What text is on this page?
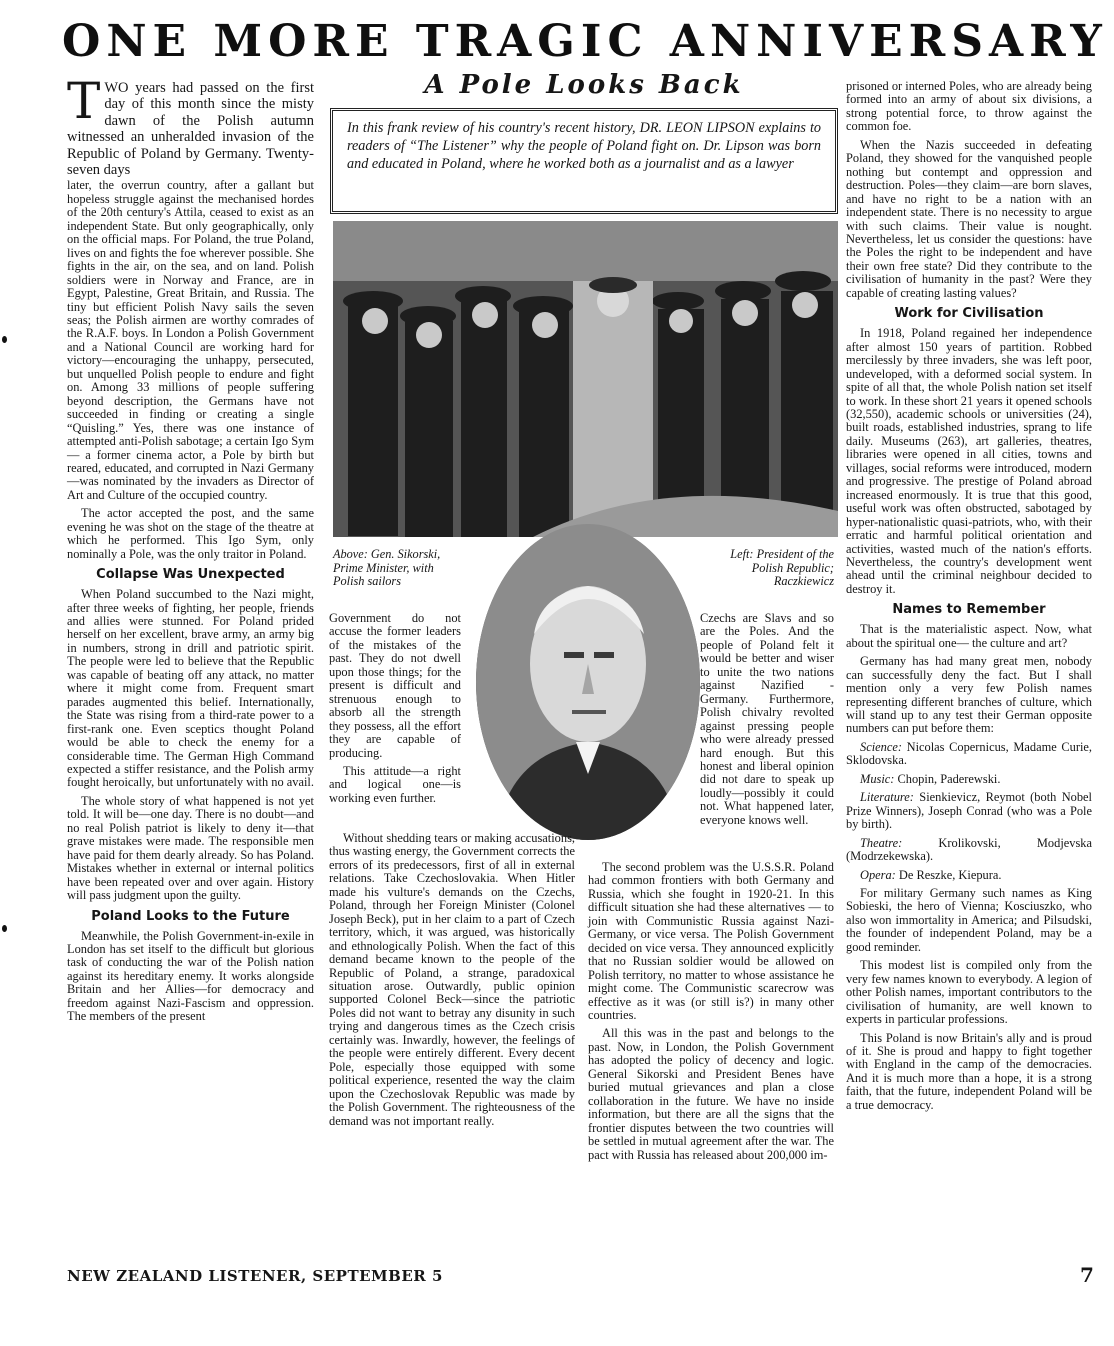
ONE MORE TRAGIC ANNIVERSARY
A Pole Looks Back
In this frank review of his country's recent history, DR. LEON LIPSON explains to readers of “The Listener” why the people of Poland fight on. Dr. Lipson was born and educated in Poland, where he worked both as a journalist and as a lawyer

TWO years had passed on the first day of this month since the misty dawn of the Polish autumn witnessed an unheralded invasion of the Republic of Poland by Germany. Twenty-seven days

later, the overrun country, after a gallant but hopeless struggle against the mechanised hordes of the 20th century's Attila, ceased to exist as an independent State. But only geographically, only on the official maps. For Poland, the true Poland, lives on and fights the foe wherever possible. She fights in the air, on the sea, and on land. Polish soldiers were in Norway and France, are in Egypt, Palestine, Great Britain, and Russia. The tiny but efficient Polish Navy sails the seven seas; the Polish airmen are worthy comrades of the R.A.F. boys. In London a Polish Government and a National Council are working hard for victory—encouraging the unhappy, persecuted, but unquelled Polish people to endure and fight on. Among 33 millions of people suffering beyond description, the Germans have not succeeded in finding or creating a single “Quisling.” Yes, there was one instance of attempted anti-Polish sabotage; a certain Igo Sym — a former cinema actor, a Pole by birth but reared, educated, and corrupted in Nazi Germany—was nominated by the invaders as Director of Art and Culture of the occupied country.

The actor accepted the post, and the same evening he was shot on the stage of the theatre at which he performed. This Igo Sym, only nominally a Pole, was the only traitor in Poland.

Collapse Was Unexpected

When Poland succumbed to the Nazi might, after three weeks of fighting, her people, friends and allies were stunned. For Poland prided herself on her excellent, brave army, an army big in numbers, strong in drill and patriotic spirit. The people were led to believe that the Republic was capable of beating off any attack, no matter where it might come from. Frequent smart parades augmented this belief. Internationally, the State was rising from a third-rate power to a first-rank one. Even sceptics thought Poland would be able to check the enemy for a considerable time. The German High Command expected a stiffer resistance, and the Polish army fought heroically, but unfortunately with no avail.

The whole story of what happened is not yet told. It will be—one day. There is no doubt—and no real Polish patriot is likely to deny it—that grave mistakes were made. The responsible men have paid for them dearly already. So has Poland. Mistakes whether in external or internal politics have been repeated over and over again. History will pass judgment upon the guilty.

Poland Looks to the Future

Meanwhile, the Polish Government-in-exile in London has set itself to the difficult but glorious task of conducting the war of the Polish nation against its hereditary enemy. It works alongside Britain and her Allies—for democracy and freedom against Nazi-Fascism and oppression. The members of the present

Above: Gen. Sikorski, Prime Minister, with Polish sailors
Left: President of the Polish Republic; Raczkiewicz

Government do not accuse the former leaders of the mistakes of the past. They do not dwell upon those things; for the present is difficult and strenuous enough to absorb all the strength they possess, all the effort they are capable of producing.

This attitude—a right and logical one—is working even further.

Without shedding tears or making accusations, thus wasting energy, the Government corrects the errors of its predecessors, first of all in external relations. Take Czechoslovakia. When Hitler made his vulture's demands on the Czechs, Poland, through her Foreign Minister (Colonel Joseph Beck), put in her claim to a part of Czech territory, which, it was argued, was historically and ethnologically Polish. When the fact of this demand became known to the people of the Republic of Poland, a strange, paradoxical situation arose. Outwardly, public opinion supported Colonel Beck—since the patriotic Poles did not want to betray any disunity in such trying and dangerous times as the Czech crisis certainly was. Inwardly, however, the feelings of the people were entirely different. Every decent Pole, especially those equipped with some political experience, resented the way the claim upon the Czechoslovak Republic was made by the Polish Government. The righteousness of the demand was not important really.

Czechs are Slavs and so are the Poles. And the people of Poland felt it would be better and wiser to unite the two nations against Nazified - Germany. Furthermore, Polish chivalry revolted against pressing people who were already pressed hard enough. But this honest and liberal opinion did not dare to speak up loudly—possibly it could not. What happened later, everyone knows well.

The second problem was the U.S.S.R. Poland had common frontiers with both Germany and Russia, which she fought in 1920-21. In this difficult situation she had these alternatives — to join with Communistic Russia against Nazi-Germany, or vice versa. The Polish Government decided on vice versa. They announced explicitly that no Russian soldier would be allowed on Polish territory, no matter to whose assistance he might come. The Communistic scarecrow was effective as it was (or still is?) in many other countries.

All this was in the past and belongs to the past. Now, in London, the Polish Government has adopted the policy of decency and logic. General Sikorski and President Benes have buried mutual grievances and plan a close collaboration in the future. We have no inside information, but there are all the signs that the frontier disputes between the two countries will be settled in mutual agreement after the war. The pact with Russia has released about 200,000 im-

prisoned or interned Poles, who are already being formed into an army of about six divisions, a strong potential force, to throw against the common foe.

When the Nazis succeeded in defeating Poland, they showed for the vanquished people nothing but contempt and oppression and destruction. Poles—they claim—are born slaves, and have no right to be a nation with an independent state. There is no necessity to argue with such claims. Their value is nought. Nevertheless, let us consider the questions: have the Poles the right to be independent and have their own free state? Did they contribute to the civilisation of humanity in the past? Were they capable of creating lasting values?

Work for Civilisation

In 1918, Poland regained her independence after almost 150 years of partition. Robbed mercilessly by three invaders, she was left poor, undeveloped, with a deformed social system. In spite of all that, the whole Polish nation set itself to work. In these short 21 years it opened schools (32,550), academic schools or universities (24), built roads, established industries, sprang to life daily. Museums (263), art galleries, theatres, libraries were opened in all cities, towns and villages, social reforms were introduced, modern and progressive. The prestige of Poland abroad increased enormously. It is true that this good, useful work was often obstructed, sabotaged by hyper-nationalistic quasi-patriots, who, with their erratic and harmful political orientation and activities, wasted much of the nation's efforts. Nevertheless, the country's development went ahead until the criminal neighbour decided to destroy it.

Names to Remember

That is the materialistic aspect. Now, what about the spiritual one— the culture and art?

Germany has had many great men, nobody can successfully deny the fact. But I shall mention only a very few Polish names representing different branches of culture, which will stand up to any test their German opposite numbers can put before them:

Science: Nicolas Copernicus, Madame Curie, Sklodovska.

Music: Chopin, Paderewski.

Literature: Sienkievicz, Reymot (both Nobel Prize Winners), Joseph Conrad (who was a Pole by birth).

Theatre:	Krolikovski, Modjevska (Modrzekewska).

Opera: De Reszke, Kiepura.

For military Germany such names as King Sobieski, the hero of Vienna; Kosciuszko, who also won immortality in America; and Pilsudski, the founder of independent Poland, may be a good reminder.

This modest list is compiled only from the very few names known to everybody. A legion of other Polish names, important contributors to the civilisation of humanity, are well known to experts in particular professions.

This Poland is now Britain's ally and is proud of it. She is proud and happy to fight together with England in the camp of the democracies. And it is much more than a hope, it is a strong faith, that the future, independent Poland will be a true democracy.

NEW ZEALAND LISTENER, SEPTEMBER 5	7
